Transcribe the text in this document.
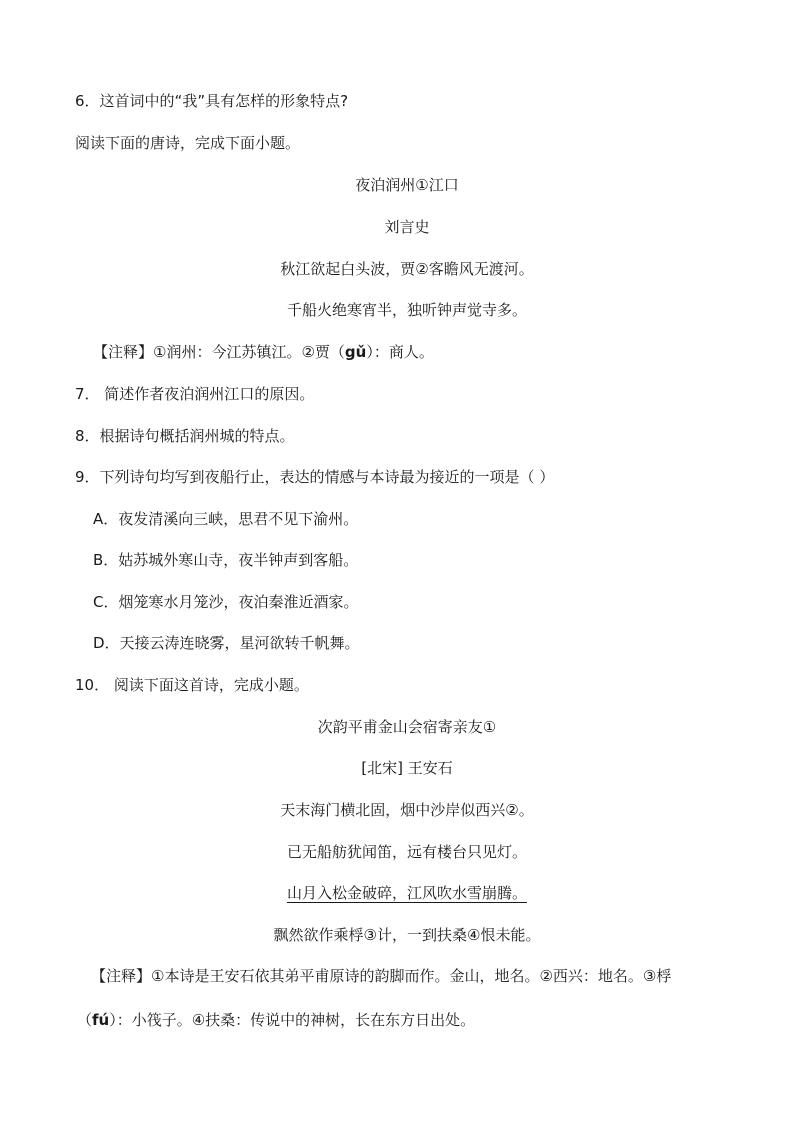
6．这首词中的“我”具有怎样的形象特点?
阅读下面的唐诗，完成下面小题。
夜泊润州①江口
刘言史
秋江欲起白头波，贾②客瞻风无渡河。
千船火绝寒宵半，独听钟声觉寺多。
【注释】①润州：今江苏镇江。②贾（gǔ）：商人。
7． 简述作者夜泊润州江口的原因。
8．根据诗句概括润州城的特点。
9．下列诗句均写到夜船行止，表达的情感与本诗最为接近的一项是（ ）
A．夜发清溪向三峡，思君不见下渝州。
B．姑苏城外寒山寺，夜半钟声到客船。
C．烟笼寒水月笼沙，夜泊秦淮近酒家。
D．天接云涛连晓雾，星河欲转千帆舞。
10． 阅读下面这首诗，完成小题。
次韵平甫金山会宿寄亲友①
[北宋] 王安石
天末海门横北固，烟中沙岸似西兴②。
已无船舫犹闻笛，远有楼台只见灯。
山月入松金破碎，江风吹水雪崩腾。
飘然欲作乘桴③计，一到扶桑④恨未能。
【注释】①本诗是王安石依其弟平甫原诗的韵脚而作。金山，地名。②西兴：地名。③桴
（fú）：小筏子。④扶桑：传说中的神树，长在东方日出处。
